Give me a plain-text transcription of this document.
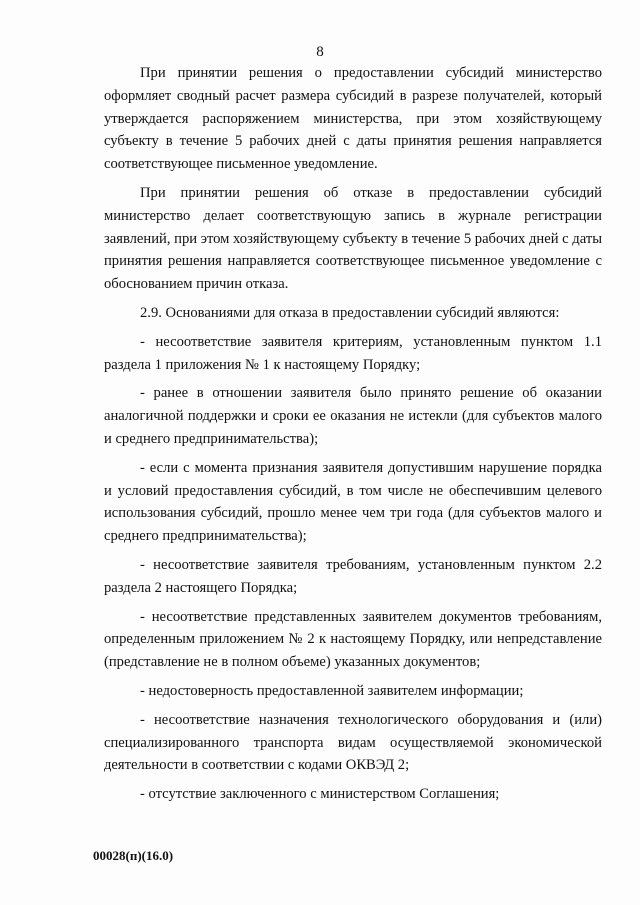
8

При принятии решения о предоставлении субсидий министерство оформляет сводный расчет размера субсидий в разрезе получателей, который утверждается распоряжением министерства, при этом хозяйствующему субъекту в течение 5 рабочих дней с даты принятия решения направляется соответствующее письменное уведомление.

При принятии решения об отказе в предоставлении субсидий министерство делает соответствующую запись в журнале регистрации заявлений, при этом хозяйствующему субъекту в течение 5 рабочих дней с даты принятия решения направляется соответствующее письменное уведомление с обоснованием причин отказа.

2.9. Основаниями для отказа в предоставлении субсидий являются:

- несоответствие заявителя критериям, установленным пунктом 1.1 раздела 1 приложения № 1 к настоящему Порядку;

- ранее в отношении заявителя было принято решение об оказании аналогичной поддержки и сроки ее оказания не истекли (для субъектов малого и среднего предпринимательства);

- если с момента признания заявителя допустившим нарушение порядка и условий предоставления субсидий, в том числе не обеспечившим целевого использования субсидий, прошло менее чем три года (для субъектов малого и среднего предпринимательства);

- несоответствие заявителя требованиям, установленным пунктом 2.2 раздела 2 настоящего Порядка;

- несоответствие представленных заявителем документов требованиям, определенным приложением № 2 к настоящему Порядку, или непредставление (представление не в полном объеме) указанных документов;

- недостоверность предоставленной заявителем информации;

- несоответствие назначения технологического оборудования и (или) специализированного транспорта видам осуществляемой экономической деятельности в соответствии с кодами ОКВЭД 2;

- отсутствие заключенного с министерством Соглашения;

00028(п)(16.0)
